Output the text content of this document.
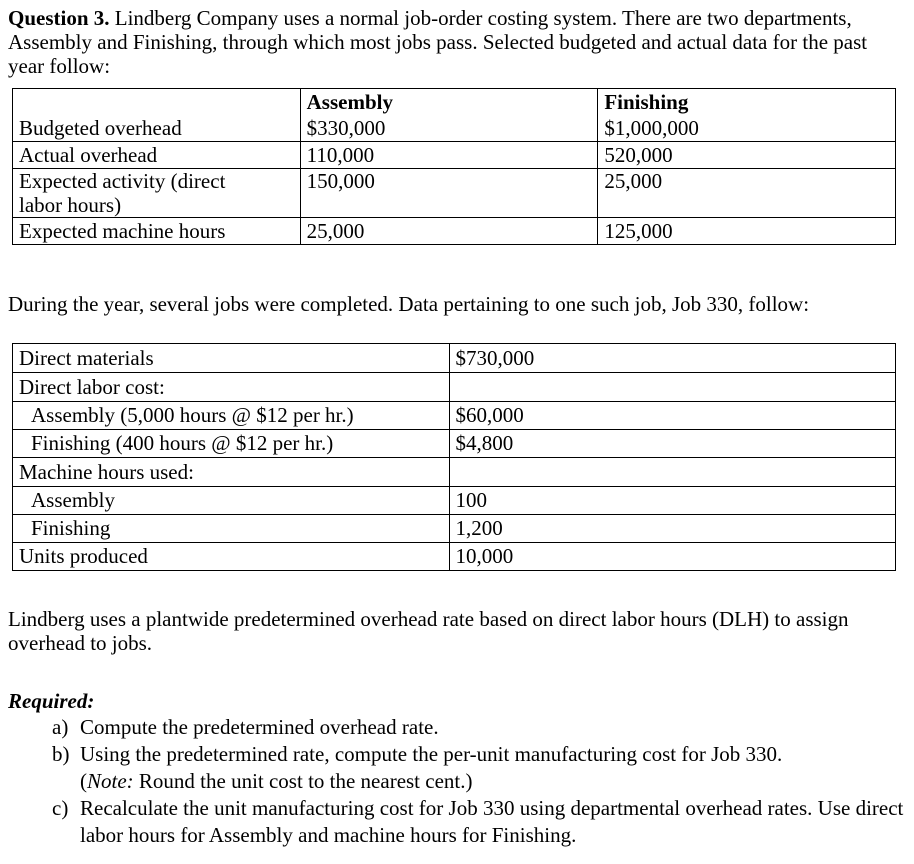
Question 3. Lindberg Company uses a normal job-order costing system. There are two departments, Assembly and Finishing, through which most jobs pass. Selected budgeted and actual data for the past year follow:

	Assembly	Finishing
Budgeted overhead	$330,000	$1,000,000
Actual overhead	110,000	520,000
Expected activity (direct
labor hours)	150,000	25,000
Expected machine hours	25,000	125,000

During the year, several jobs were completed. Data pertaining to one such job, Job 330, follow:

Direct materials	$730,000
Direct labor cost:	
Assembly (5,000 hours @ $12 per hr.)	$60,000
Finishing (400 hours @ $12 per hr.)	$4,800
Machine hours used:	
Assembly	100
Finishing	1,200
Units produced	10,000

Lindberg uses a plantwide predetermined overhead rate based on direct labor hours (DLH) to assign overhead to jobs.

Required:
a) Compute the predetermined overhead rate.
b) Using the predetermined rate, compute the per-unit manufacturing cost for Job 330.
(Note: Round the unit cost to the nearest cent.)
c) Recalculate the unit manufacturing cost for Job 330 using departmental overhead rates. Use direct labor hours for Assembly and machine hours for Finishing.
